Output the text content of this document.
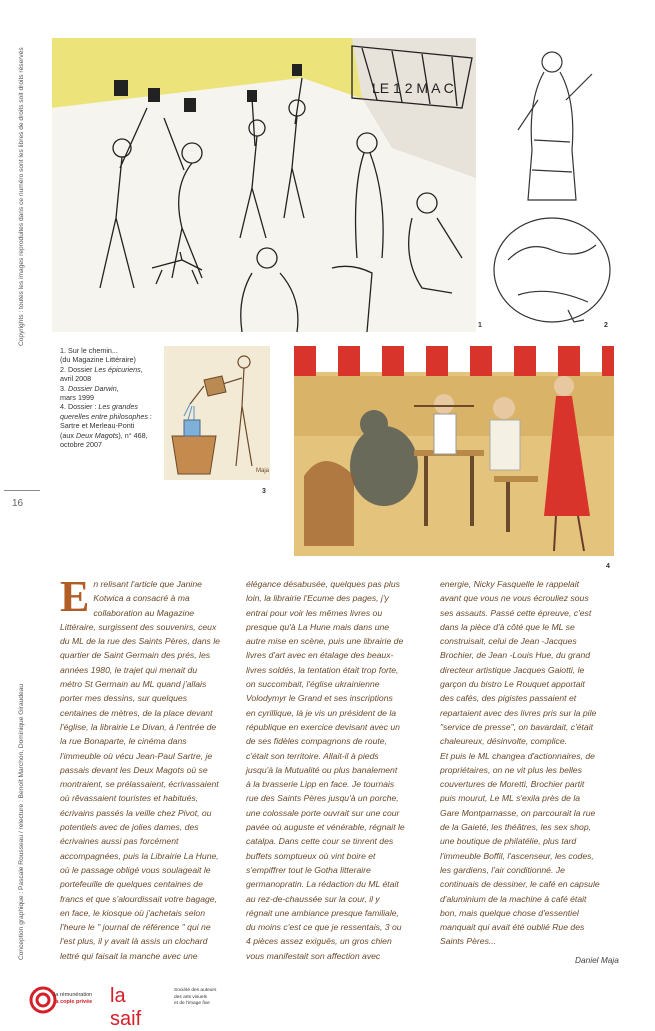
Copyrights : toutes les images reproduites dans ce numéro sont les libres de droits soit droits réservés
Conception graphique : Pascale Rousseau / relecture : Benoît Marchon, Dominique Giraudeau
16
LE 1 2 M A C
1	2
1. Sur le chemin...
(du Magazine Littéraire)
2. Dossier Les épicuriens,
avril 2008
3. Dossier Darwin,
mars 1999
4. Dossier : Les grandes
querelles entre philosophes :
Sartre et Merleau-Ponti
(aux Deux Magots), n° 468,
octobre 2007
Maja
3
4
E n relisant l'article que Janine
Kotwica a consacré à ma
collaboration au Magazine
Littéraire, surgissent des souvenirs, ceux
du ML de la rue des Saints Pères, dans le
quartier de Saint Germain des prés, les
années 1980, le trajet qui menait du
métro St Germain au ML quand j'allais
porter mes dessins, sur quelques
centaines de mètres, de la place devant
l'église, la librairie Le Divan, à l'entrée de
la rue Bonaparte, le cinéma dans
l'immeuble où vécu Jean-Paul Sartre, je
passais devant les Deux Magots où se
montraient, se prélassaient, écrivassaient
où rêvassaient touristes et habitués,
écrivains passés la veille chez Pivot, ou
potentiels avec de jolies dames, des
écrivaines aussi pas forcément
accompagnées, puis la Librairie La Hune,
où le passage obligé vous soulageait le
portefeuille de quelques centaines de
francs et que s'alourdissait votre bagage,
en face, le kiosque où j'achetais selon
l'heure le " journal de référence " qui ne
l'est plus, il y avait là assis un clochard
lettré qui faisait la manche avec une
élégance désabusée, quelques pas plus
loin, la librairie l'Ecume des pages, j'y
entrai pour voir les mêmes livres ou
presque qu'à La Hune mais dans une
autre mise en scène, puis une librairie de
livres d'art avec en étalage des beaux-
livres soldés, la tentation était trop forte,
on succombait, l'église ukrainienne
Volodymyr le Grand et ses inscriptions
en cyrillique, là je vis un président de la
république en exercice devisant avec un
de ses fidèles compagnons de route,
c'était son territoire. Allait-il à pieds
jusqu'à la Mutualité ou plus banalement
à la brasserie Lipp en face. Je tournais
rue des Saints Pères jusqu'à un porche,
une colossale porte ouvrait sur une cour
pavée où auguste et vénérable, régnait le
catalpa. Dans cette cour se tinrent des
buffets somptueux où vint boire et
s'empiffrer tout le Gotha litteraire
germanopratin. La rédaction du ML était
au rez-de-chaussée sur la cour, il y
régnait une ambiance presque familiale,
du moins c'est ce que je ressentais, 3 ou
4 pièces assez exiguës, un gros chien
vous manifestait son affection avec
energie, Nicky Fasquelle le rappelait
avant que vous ne vous écrouliez sous
ses assauts. Passé cette épreuve, c'est
dans la pièce d'à côté que le ML se
construisait, celui de Jean -Jacques
Brochier, de Jean -Louis Hue, du grand
directeur artistique Jacques Gaiotti, le
garçon du bistro Le Rouquet apportait
des cafés, des pigistes passaient et
repartaient avec des livres pris sur la pile
"service de presse", on bavardait, c'était
chaleureux, désinvolte, complice.
Et puis le ML changea d'actionnaires, de
propriétaires, on ne vit plus les belles
couvertures de Moretti, Brochier partit
puis mourut, Le ML s'exila près de la
Gare Montparnasse, on parcourait la rue
de la Gaieté, les théâtres, les sex shop,
une boutique de philatélie, plus tard
l'immeuble Boffil, l'ascenseur, les codes,
les gardiens, l'air conditionné. Je
continuais de dessiner, le café en capsule
d'aluminium de la machine à café était
bon, mais quelque chose d'essentiel
manquait qui avait été oublié Rue des
Saints Pères...
Daniel Maja
la rémunération
la copie privée la saif
Société des auteurs
des arts visuels
et de l'image fixe
